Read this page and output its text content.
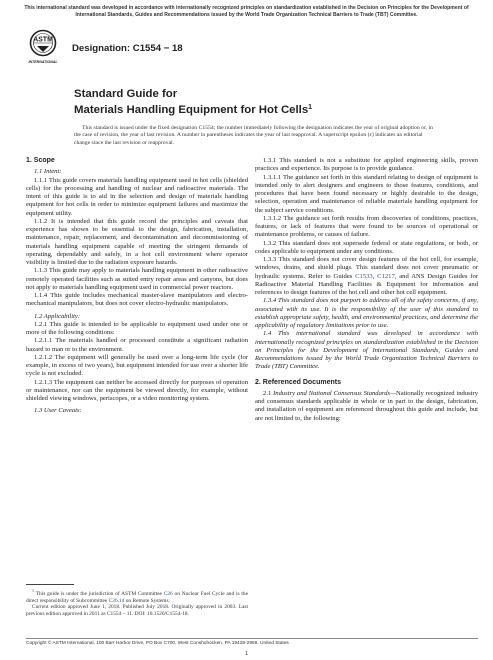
This international standard was developed in accordance with internationally recognized principles on standardization established in the Decision on Principles for the Development of International Standards, Guides and Recommendations issued by the World Trade Organization Technical Barriers to Trade (TBT) Committee.
ASTM
INTERNATIONAL
Designation: C1554 − 18
Standard Guide for
Materials Handling Equipment for Hot Cells$^1$
This standard is issued under the fixed designation C1554; the number immediately following the designation indicates the year of original adoption or, in the case of revision, the year of last revision. A number in parentheses indicates the year of last reapproval. A superscript epsilon (ε) indicates an editorial change since the last revision or reapproval.
1. Scope

1.1 Intent:

1.1.1 This guide covers materials handling equipment used in hot cells (shielded cells) for the processing and handling of nuclear and radioactive materials. The intent of this guide is to aid in the selection and design of materials handling equipment for hot cells in order to minimize equipment failures and maximize the equipment utility.

1.1.2 It is intended that this guide record the principles and caveats that experience has shown to be essential to the design, fabrication, installation, maintenance, repair, replacement, and decontamination and decommissioning of materials handling equipment capable of meeting the stringent demands of operating, dependably and safely, in a hot cell environment where operator visibility is limited due to the radiation exposure hazards.

1.1.3 This guide may apply to materials handling equipment in other radioactive remotely operated facilities such as suited entry repair areas and canyons, but does not apply to materials handling equipment used in commercial power reactors.

1.1.4 This guide includes mechanical master-slave manipulators and electro-mechanical manipulators, but does not cover electro-hydraulic manipulators.

1.2 Applicability:

1.2.1 This guide is intended to be applicable to equipment used under one or more of the following conditions:

1.2.1.1 The materials handled or processed constitute a significant radiation hazard to man or to the environment.

1.2.1.2 The equipment will generally be used over a long-term life cycle (for example, in excess of two years), but equipment intended for use over a shorter life cycle is not excluded.

1.2.1.3 The equipment can neither be accessed directly for purposes of operation or maintenance, nor can the equipment be viewed directly, for example, without shielded viewing windows, periscopes, or a video monitoring system.

1.3 User Caveats:

1.3.1 This standard is not a substitute for applied engineering skills, proven practices and experience. Its purpose is to provide guidance.

1.3.1.1 The guidance set forth in this standard relating to design of equipment is intended only to alert designers and engineers to those features, conditions, and procedures that have been found necessary or highly desirable to the design, selection, operation and maintenance of reliable materials handling equipment for the subject service conditions.

1.3.1.2 The guidance set forth results from discoveries of conditions, practices, features, or lack of features that were found to be sources of operational or maintenance problems, or causes of failure.

1.3.2 This standard does not supersede federal or state regulations, or both, or codes applicable to equipment under any conditions.

1.3.3 This standard does not cover design features of the hot cell, for example, windows, drains, and shield plugs. This standard does not cover pneumatic or hydraulic systems. Refer to Guides C1533, C1217, and ANS Design Guides for Radioactive Material Handling Facilities & Equipment for information and references to design features of the hot cell and other hot cell equipment.

1.3.4 This standard does not purport to address all of the safety concerns, if any, associated with its use. It is the responsibility of the user of this standard to establish appropriate safety, health, and environmental practices, and determine the applicability of regulatory limitations prior to use.

1.4 This international standard was developed in accordance with internationally recognized principles on standardization established in the Decision on Principles for the Development of International Standards, Guides and Recommendations issued by the World Trade Organization Technical Barriers to Trade (TBT) Committee.

2. Referenced Documents

2.1 Industry and National Consensus Standards—Nationally recognized industry and consensus standards applicable in whole or in part to the design, fabrication, and installation of equipment are referenced throughout this guide and include, but are not limited to, the following:

$^1$ This guide is under the jurisdiction of ASTM Committee C26 on Nuclear Fuel Cycle and is the direct responsibility of Subcommittee C26.14 on Remote Systems.
Current edition approved June 1, 2018. Published July 2018. Originally approved in 2003. Last previous edition approved in 2011 as C1554 – 11. DOI: 10.1520/C1554-18.
Copyright © ASTM International, 100 Barr Harbor Drive, PO Box C700, West Conshohocken, PA 19428-2959. United States
1
